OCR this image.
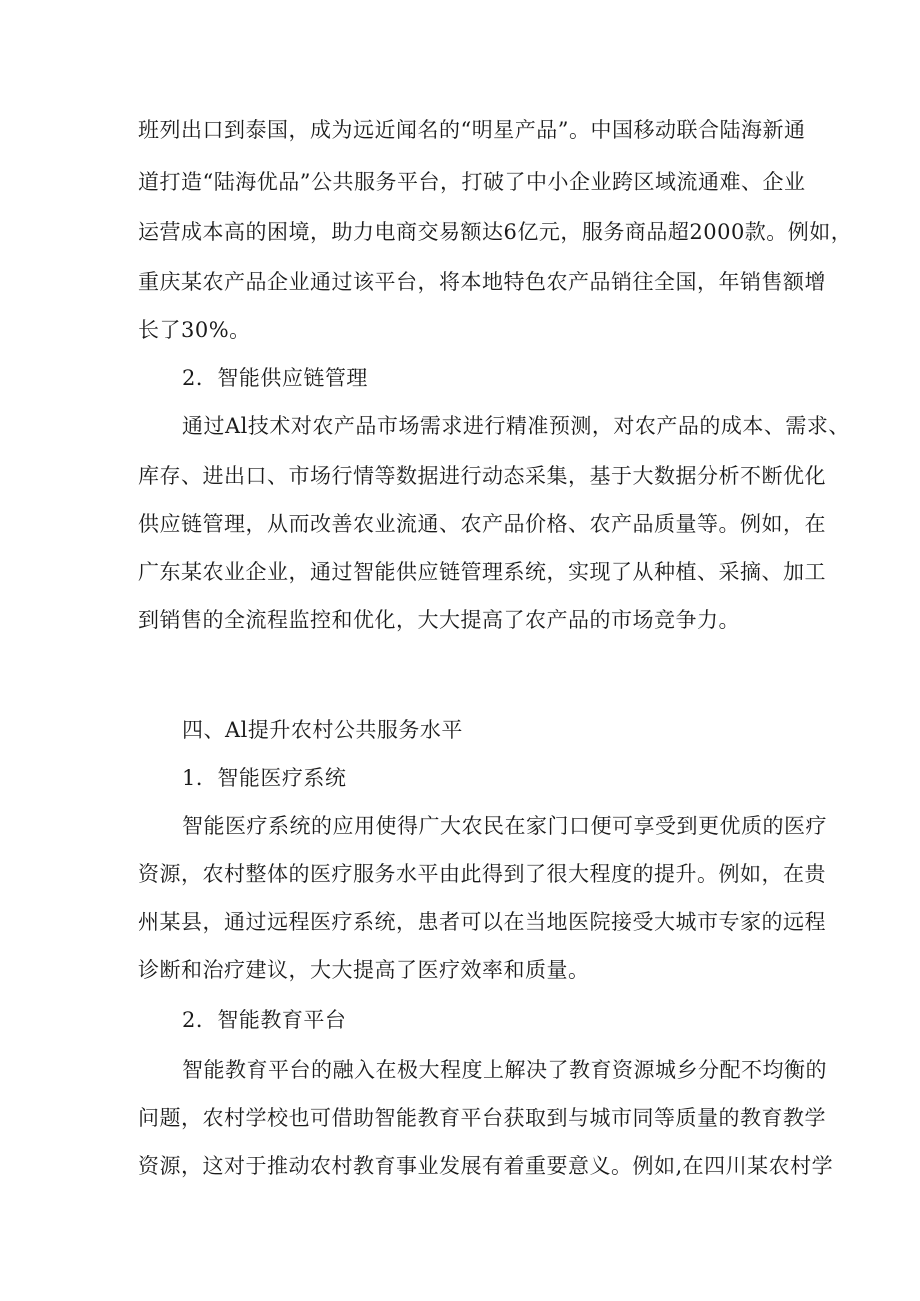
班列出口到泰国，成为远近闻名的“明星产品”。中国移动联合陆海新通
道打造“陆海优品”公共服务平台，打破了中小企业跨区域流通难、企业
运营成本高的困境，助力电商交易额达6亿元，服务商品超2000款。例如，
重庆某农产品企业通过该平台，将本地特色农产品销往全国，年销售额增
长了30%。
2．智能供应链管理
通过Al技术对农产品市场需求进行精准预测，对农产品的成本、需求、
库存、进出口、市场行情等数据进行动态采集，基于大数据分析不断优化
供应链管理，从而改善农业流通、农产品价格、农产品质量等。例如，在
广东某农业企业，通过智能供应链管理系统，实现了从种植、采摘、加工
到销售的全流程监控和优化，大大提高了农产品的市场竞争力。
四、Al提升农村公共服务水平
1．智能医疗系统
智能医疗系统的应用使得广大农民在家门口便可享受到更优质的医疗
资源，农村整体的医疗服务水平由此得到了很大程度的提升。例如，在贵
州某县，通过远程医疗系统，患者可以在当地医院接受大城市专家的远程
诊断和治疗建议，大大提高了医疗效率和质量。
2．智能教育平台
智能教育平台的融入在极大程度上解决了教育资源城乡分配不均衡的
问题，农村学校也可借助智能教育平台获取到与城市同等质量的教育教学
资源，这对于推动农村教育事业发展有着重要意义。例如,在四川某农村学
